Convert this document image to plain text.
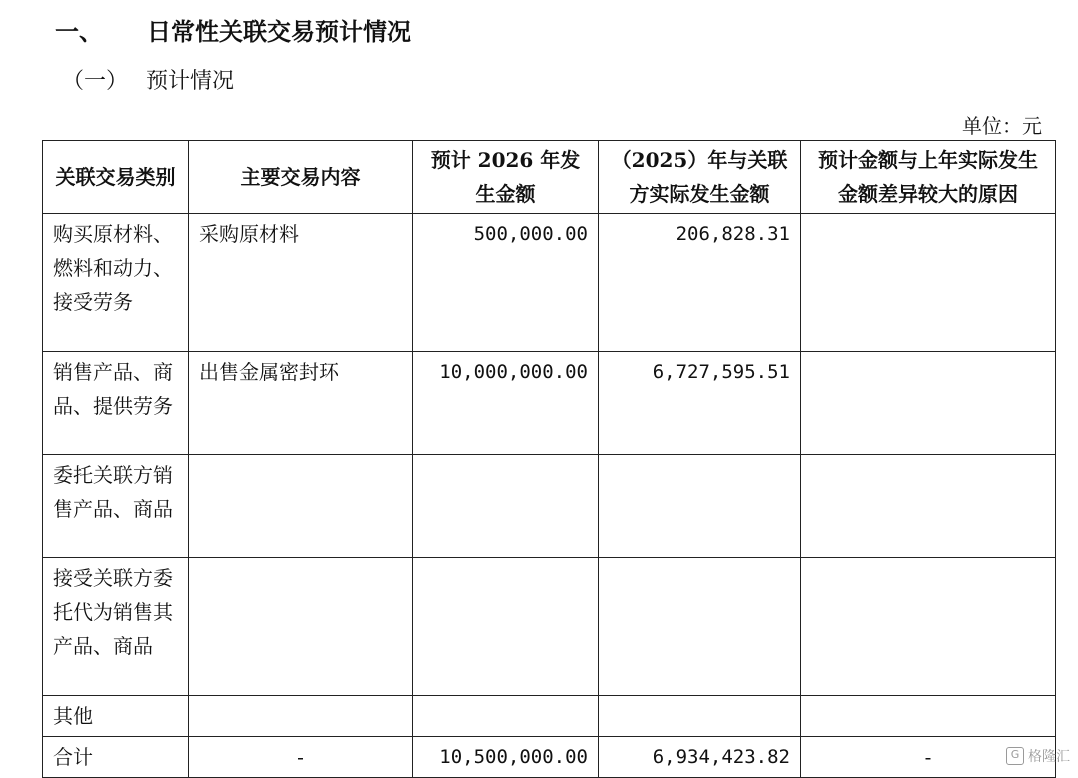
一、 日常性关联交易预计情况
（一） 预计情况
单位：元
关联交易类别	主要交易内容	预计 2026 年发生金额	（2025）年与关联方实际发生金额	预计金额与上年实际发生金额差异较大的原因
购买原材料、燃料和动力、接受劳务	采购原材料	500,000.00	206,828.31	
销售产品、商品、提供劳务	出售金属密封环	10,000,000.00	6,727,595.51	
委托关联方销售产品、商品				
接受关联方委托代为销售其产品、商品				
其他				
合计	-	10,500,000.00	6,934,423.82	-	G 格隆汇
